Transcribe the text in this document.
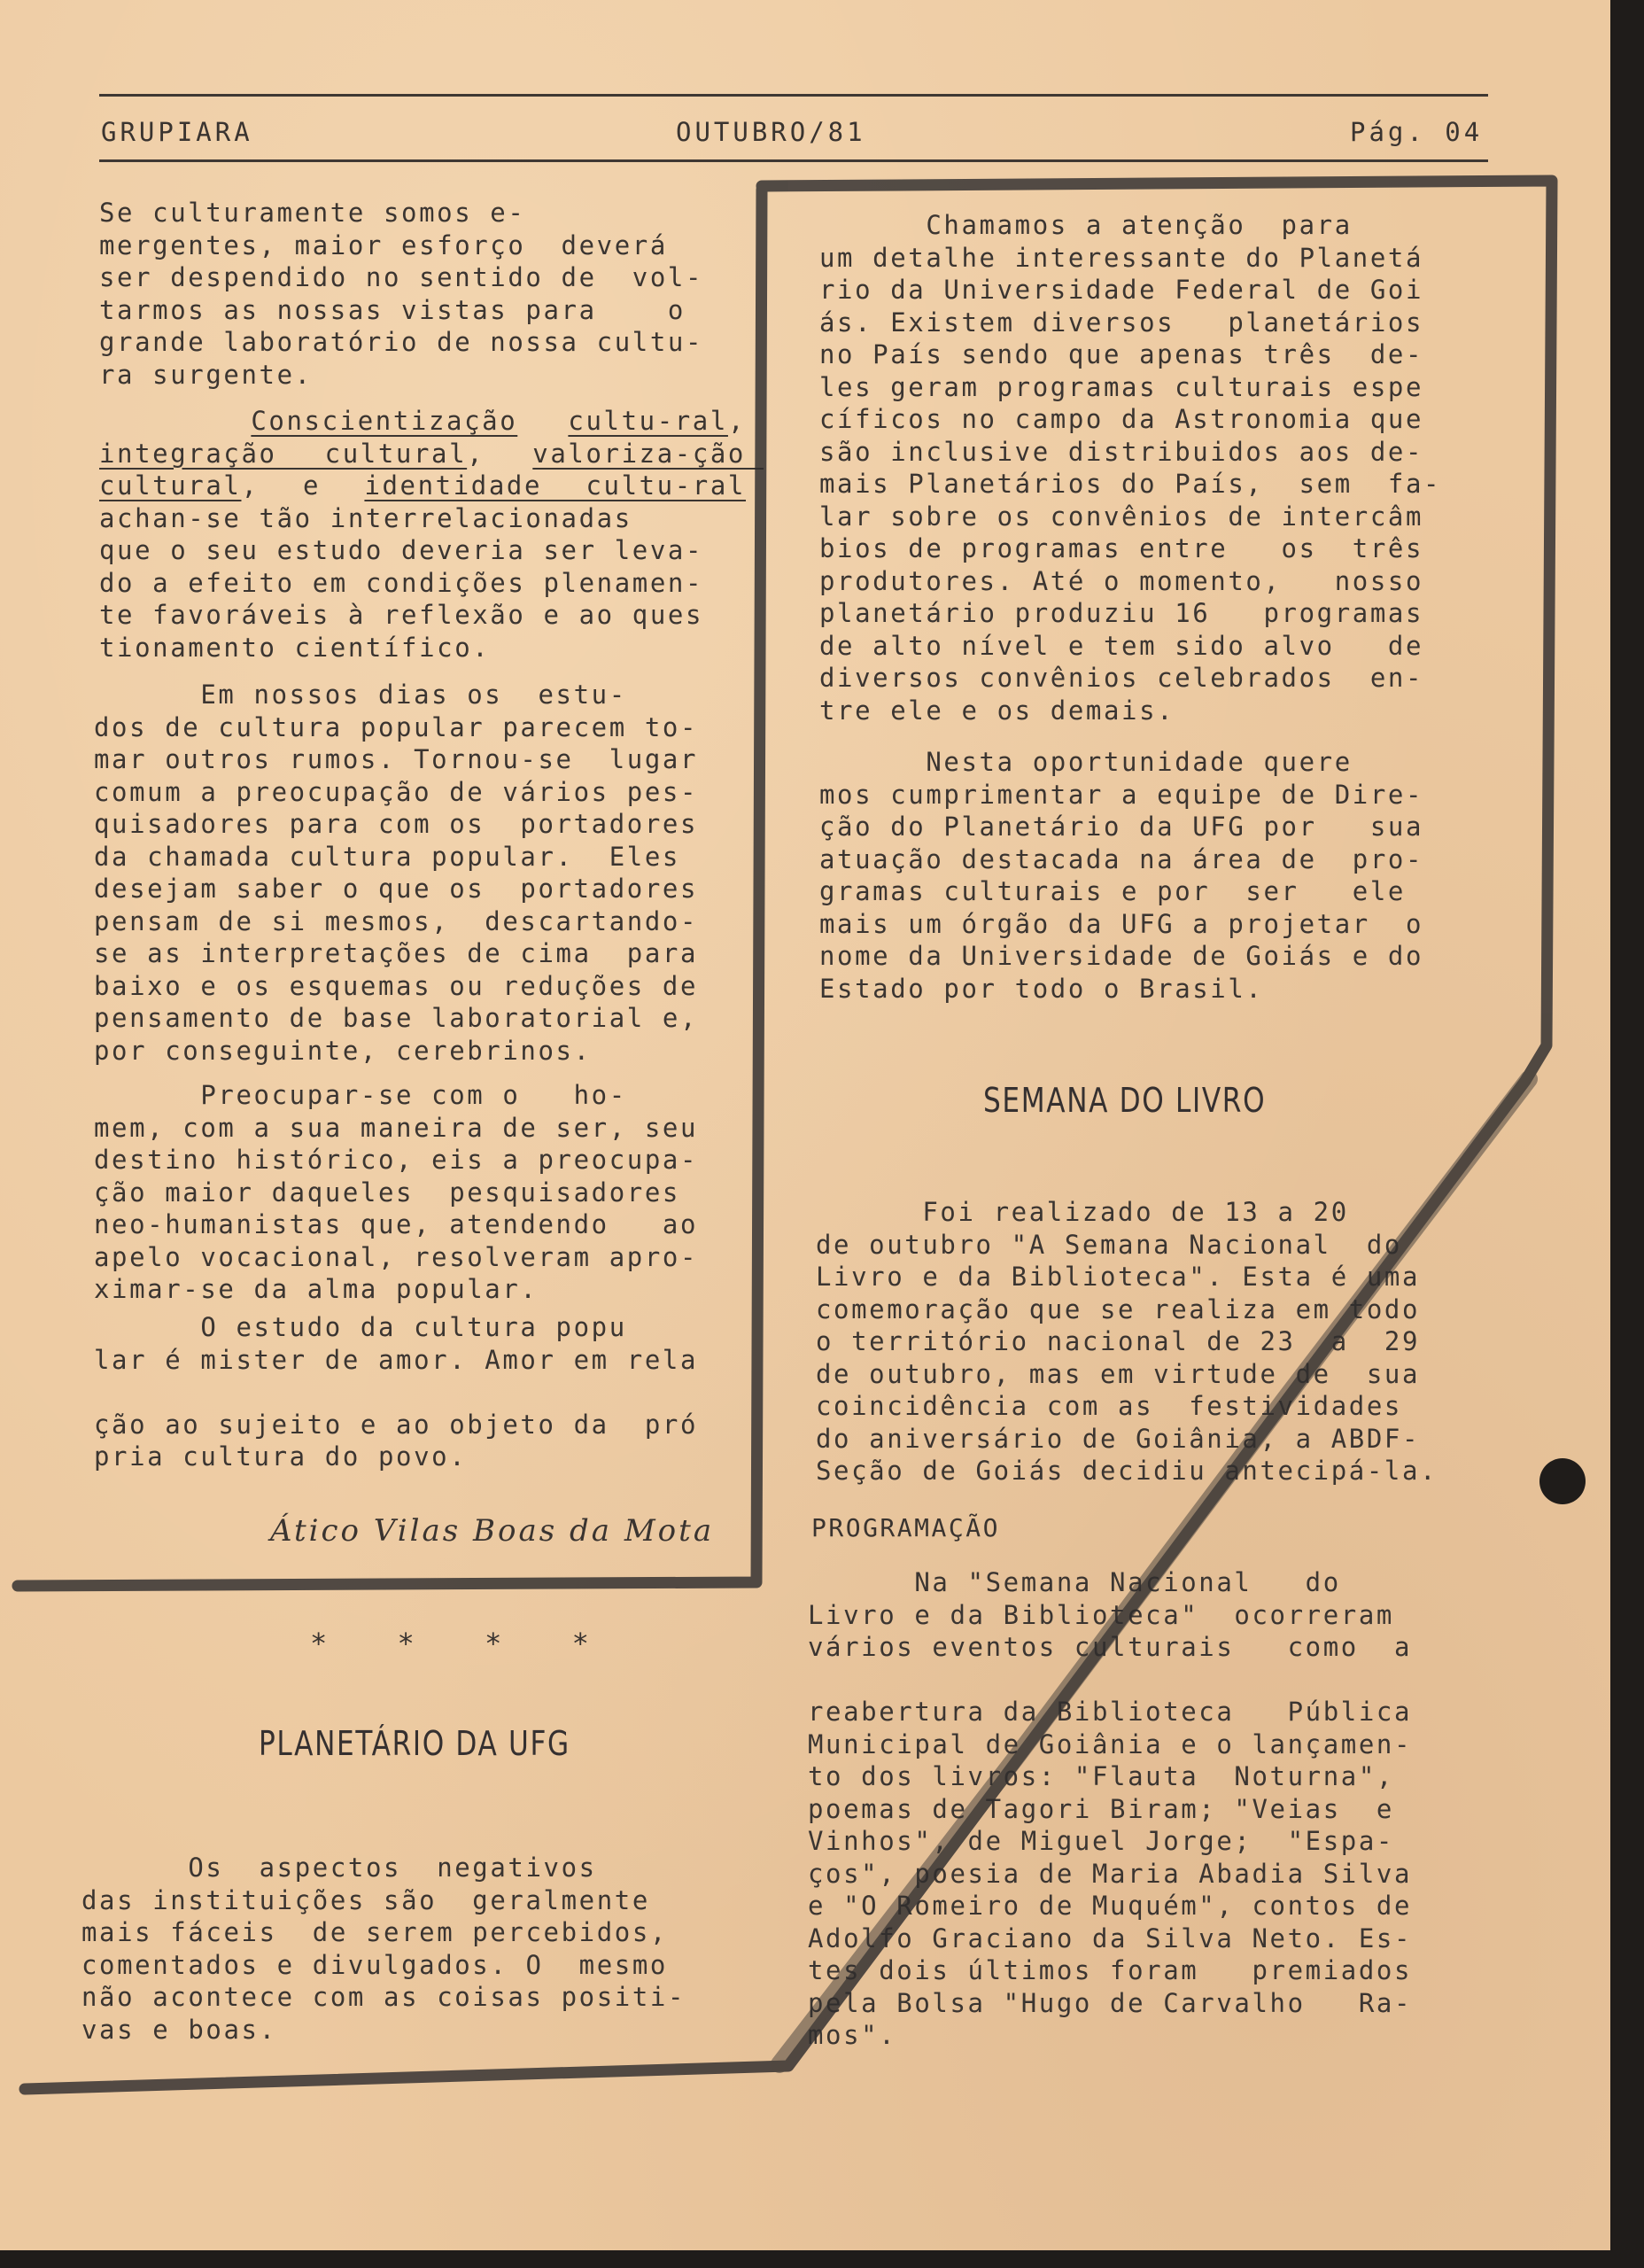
GRUPIARA	OUTUBRO/81	Pág. 04
Se culturamente somos e-
mergentes, maior esforço  deverá
ser despendido no sentido de  vol-
tarmos as nossas vistas para    o
grande laboratório de nossa cultu-
ra surgente.
Conscientização cultu-ral, integração cultural, valoriza-ção cultural, e identidade cultu-ral achan-se tão interrelacionadas
que o seu estudo deveria ser leva-
do a efeito em condições plenamen-
te favoráveis à reflexão e ao ques
tionamento científico.
Em nossos dias os  estu-
dos de cultura popular parecem to-
mar outros rumos. Tornou-se  lugar
comum a preocupação de vários pes-
quisadores para com os  portadores
da chamada cultura popular.  Eles
desejam saber o que os  portadores
pensam de si mesmos,  descartando-
se as interpretações de cima  para
baixo e os esquemas ou reduções de
pensamento de base laboratorial e,
por conseguinte, cerebrinos.
Preocupar-se com o   ho-
mem, com a sua maneira de ser, seu
destino histórico, eis a preocupa-
ção maior daqueles  pesquisadores
neo-humanistas que, atendendo   ao
apelo vocacional, resolveram apro-
ximar-se da alma popular.
O estudo da cultura popu
lar é mister de amor. Amor em rela

ção ao sujeito e ao objeto da  pró
pria cultura do povo.
Ático Vilas Boas da Mota
* * * *
PLANETÁRIO DA UFG
Os  aspectos  negativos
das instituições são  geralmente
mais fáceis  de serem percebidos,
comentados e divulgados. O  mesmo
não acontece com as coisas positi-
vas e boas.
Chamamos a atenção  para
um detalhe interessante do Planetá
rio da Universidade Federal de Goi
ás. Existem diversos   planetários
no País sendo que apenas três  de-
les geram programas culturais espe
cíficos no campo da Astronomia que
são inclusive distribuidos aos de-
mais Planetários do País,  sem  fa-
lar sobre os convênios de intercâm
bios de programas entre   os  três
produtores. Até o momento,   nosso
planetário produziu 16   programas
de alto nível e tem sido alvo   de
diversos convênios celebrados  en-
tre ele e os demais.
Nesta oportunidade quere
mos cumprimentar a equipe de Dire-
ção do Planetário da UFG por   sua
atuação destacada na área de  pro-
gramas culturais e por  ser   ele
mais um órgão da UFG a projetar  o
nome da Universidade de Goiás e do
Estado por todo o Brasil.
SEMANA DO LIVRO
Foi realizado de 13 a 20
de outubro "A Semana Nacional  do
Livro e da Biblioteca". Esta é uma
comemoração que se realiza em todo
o território nacional de 23  a  29
de outubro, mas em virtude de  sua
coincidência com as  festividades
do aniversário de Goiânia, a ABDF-
Seção de Goiás decidiu antecipá-la.
PROGRAMAÇÃO
Na "Semana Nacional   do
Livro e da Biblioteca"  ocorreram
vários eventos culturais   como  a

reabertura da Biblioteca   Pública
Municipal de Goiânia e o lançamen-
to dos livros: "Flauta  Noturna",
poemas de Tagori Biram; "Veias  e
Vinhos", de Miguel Jorge;  "Espa-
ços", poesia de Maria Abadia Silva
e "O Romeiro de Muquém", contos de
Adolfo Graciano da Silva Neto. Es-
tes dois últimos foram   premiados
pela Bolsa "Hugo de Carvalho   Ra-
mos".
